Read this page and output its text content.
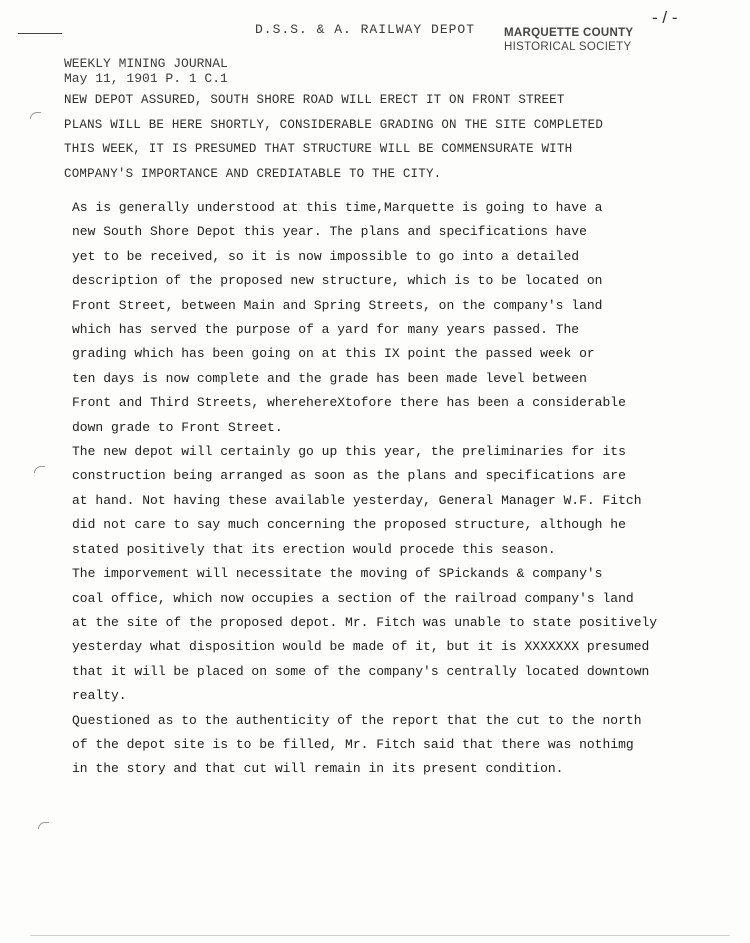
D.S.S. & A. RAILWAY DEPOT	MARQUETTE COUNTY
HISTORICAL SOCIETY
- / -
WEEKLY MINING JOURNAL
May 11, 1901 P. 1 C.1
NEW DEPOT ASSURED, SOUTH SHORE ROAD WILL ERECT IT ON FRONT STREET
PLANS WILL BE HERE SHORTLY, CONSIDERABLE GRADING ON THE SITE COMPLETED
THIS WEEK, IT IS PRESUMED THAT STRUCTURE WILL BE COMMENSURATE WITH
COMPANY'S IMPORTANCE AND CREDIATABLE TO THE CITY.
As is generally understood at this time,Marquette is going to have a
new South Shore Depot this year. The plans and specifications have
yet to be received, so it is now impossible to go into a detailed
description of the proposed new structure, which is to be located on
Front Street, between Main and Spring Streets, on the company's land
which has served the purpose of a yard for many years passed. The
grading which has been going on at this IX point the passed week or
ten days is now complete and the grade has been made level between
Front and Third Streets, wherehereXtofore there has been a considerable
down grade to Front Street.
The new depot will certainly go up this year, the preliminaries for its
construction being arranged as soon as the plans and specifications are
at hand. Not having these available yesterday, General Manager W.F. Fitch
did not care to say much concerning the proposed structure, although he
stated positively that its erection would procede this season.
The imporvement will necessitate the moving of SPickands & company's
coal office, which now occupies a section of the railroad company's land
at the site of the proposed depot. Mr. Fitch was unable to state positively
yesterday what disposition would be made of it, but it is XXXXXXX presumed
that it will be placed on some of the company's centrally located downtown
realty.
Questioned as to the authenticity of the report that the cut to the north
of the depot site is to be filled, Mr. Fitch said that there was nothimg
in the story and that cut will remain in its present condition.
